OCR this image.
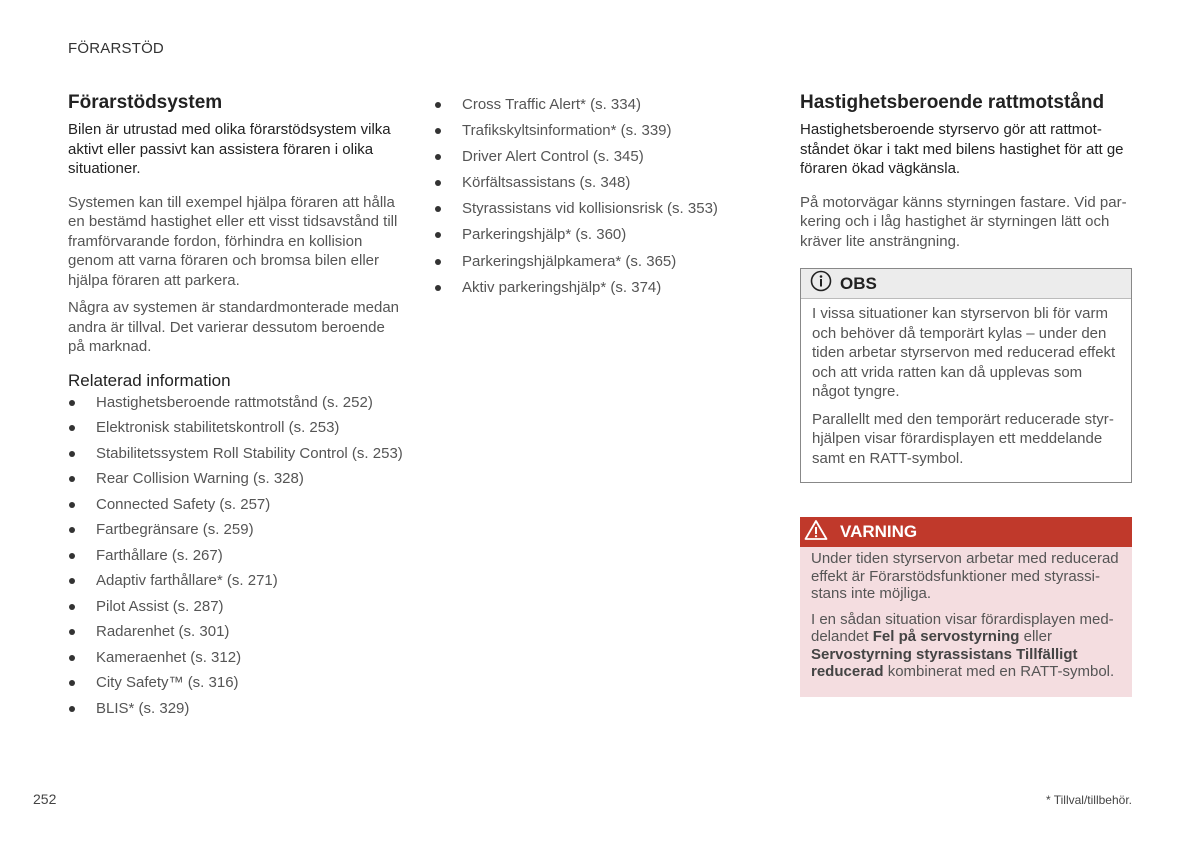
FÖRARSTÖD
Förarstödsystem

Bilen är utrustad med olika förarstödsystem vilka aktivt eller passivt kan assistera föraren i olika situationer.

Systemen kan till exempel hjälpa föraren att hålla en bestämd hastighet eller ett visst tidsavstånd till framförvarande fordon, förhindra en kollision genom att varna föraren och bromsa bilen eller hjälpa föraren att parkera.

Några av systemen är standardmonterade medan andra är tillval. Det varierar dessutom beroende på marknad.

Relaterad information
Hastighetsberoende rattmotstånd (s. 252)
Elektronisk stabilitetskontroll (s. 253)
Stabilitetssystem Roll Stability Control (s. 253)
Rear Collision Warning (s. 328)
Connected Safety (s. 257)
Fartbegränsare (s. 259)
Farthållare (s. 267)
Adaptiv farthållare* (s. 271)
Pilot Assist (s. 287)
Radarenhet (s. 301)
Kameraenhet (s. 312)
City Safety™ (s. 316)
BLIS* (s. 329)
Cross Traffic Alert* (s. 334)
Trafikskyltsinformation* (s. 339)
Driver Alert Control (s. 345)
Körfältsassistans (s. 348)
Styrassistans vid kollisionsrisk (s. 353)
Parkeringshjälp* (s. 360)
Parkeringshjälpkamera* (s. 365)
Aktiv parkeringshjälp* (s. 374)
Hastighetsberoende rattmotstånd

Hastighetsberoende styrservo gör att rattmotståndet ökar i takt med bilens hastighet för att ge föraren ökad vägkänsla.

På motorvägar känns styrningen fastare. Vid parkering och i låg hastighet är styrningen lätt och kräver lite ansträngning.

OBS

I vissa situationer kan styrservon bli för varm och behöver då temporärt kylas – under den tiden arbetar styrservon med reducerad effekt och att vrida ratten kan då upplevas som något tyngre.

Parallellt med den temporärt reducerade styrhjälpen visar förardisplayen ett meddelande samt en RATT-symbol.

VARNING

Under tiden styrservon arbetar med reducerad effekt är Förarstödsfunktioner med styrassistans inte möjliga.

I en sådan situation visar förardisplayen meddelandet Fel på servostyrning eller Servostyrning styrassistans Tillfälligt reducerad kombinerat med en RATT-symbol.

252	* Tillval/tillbehör.
